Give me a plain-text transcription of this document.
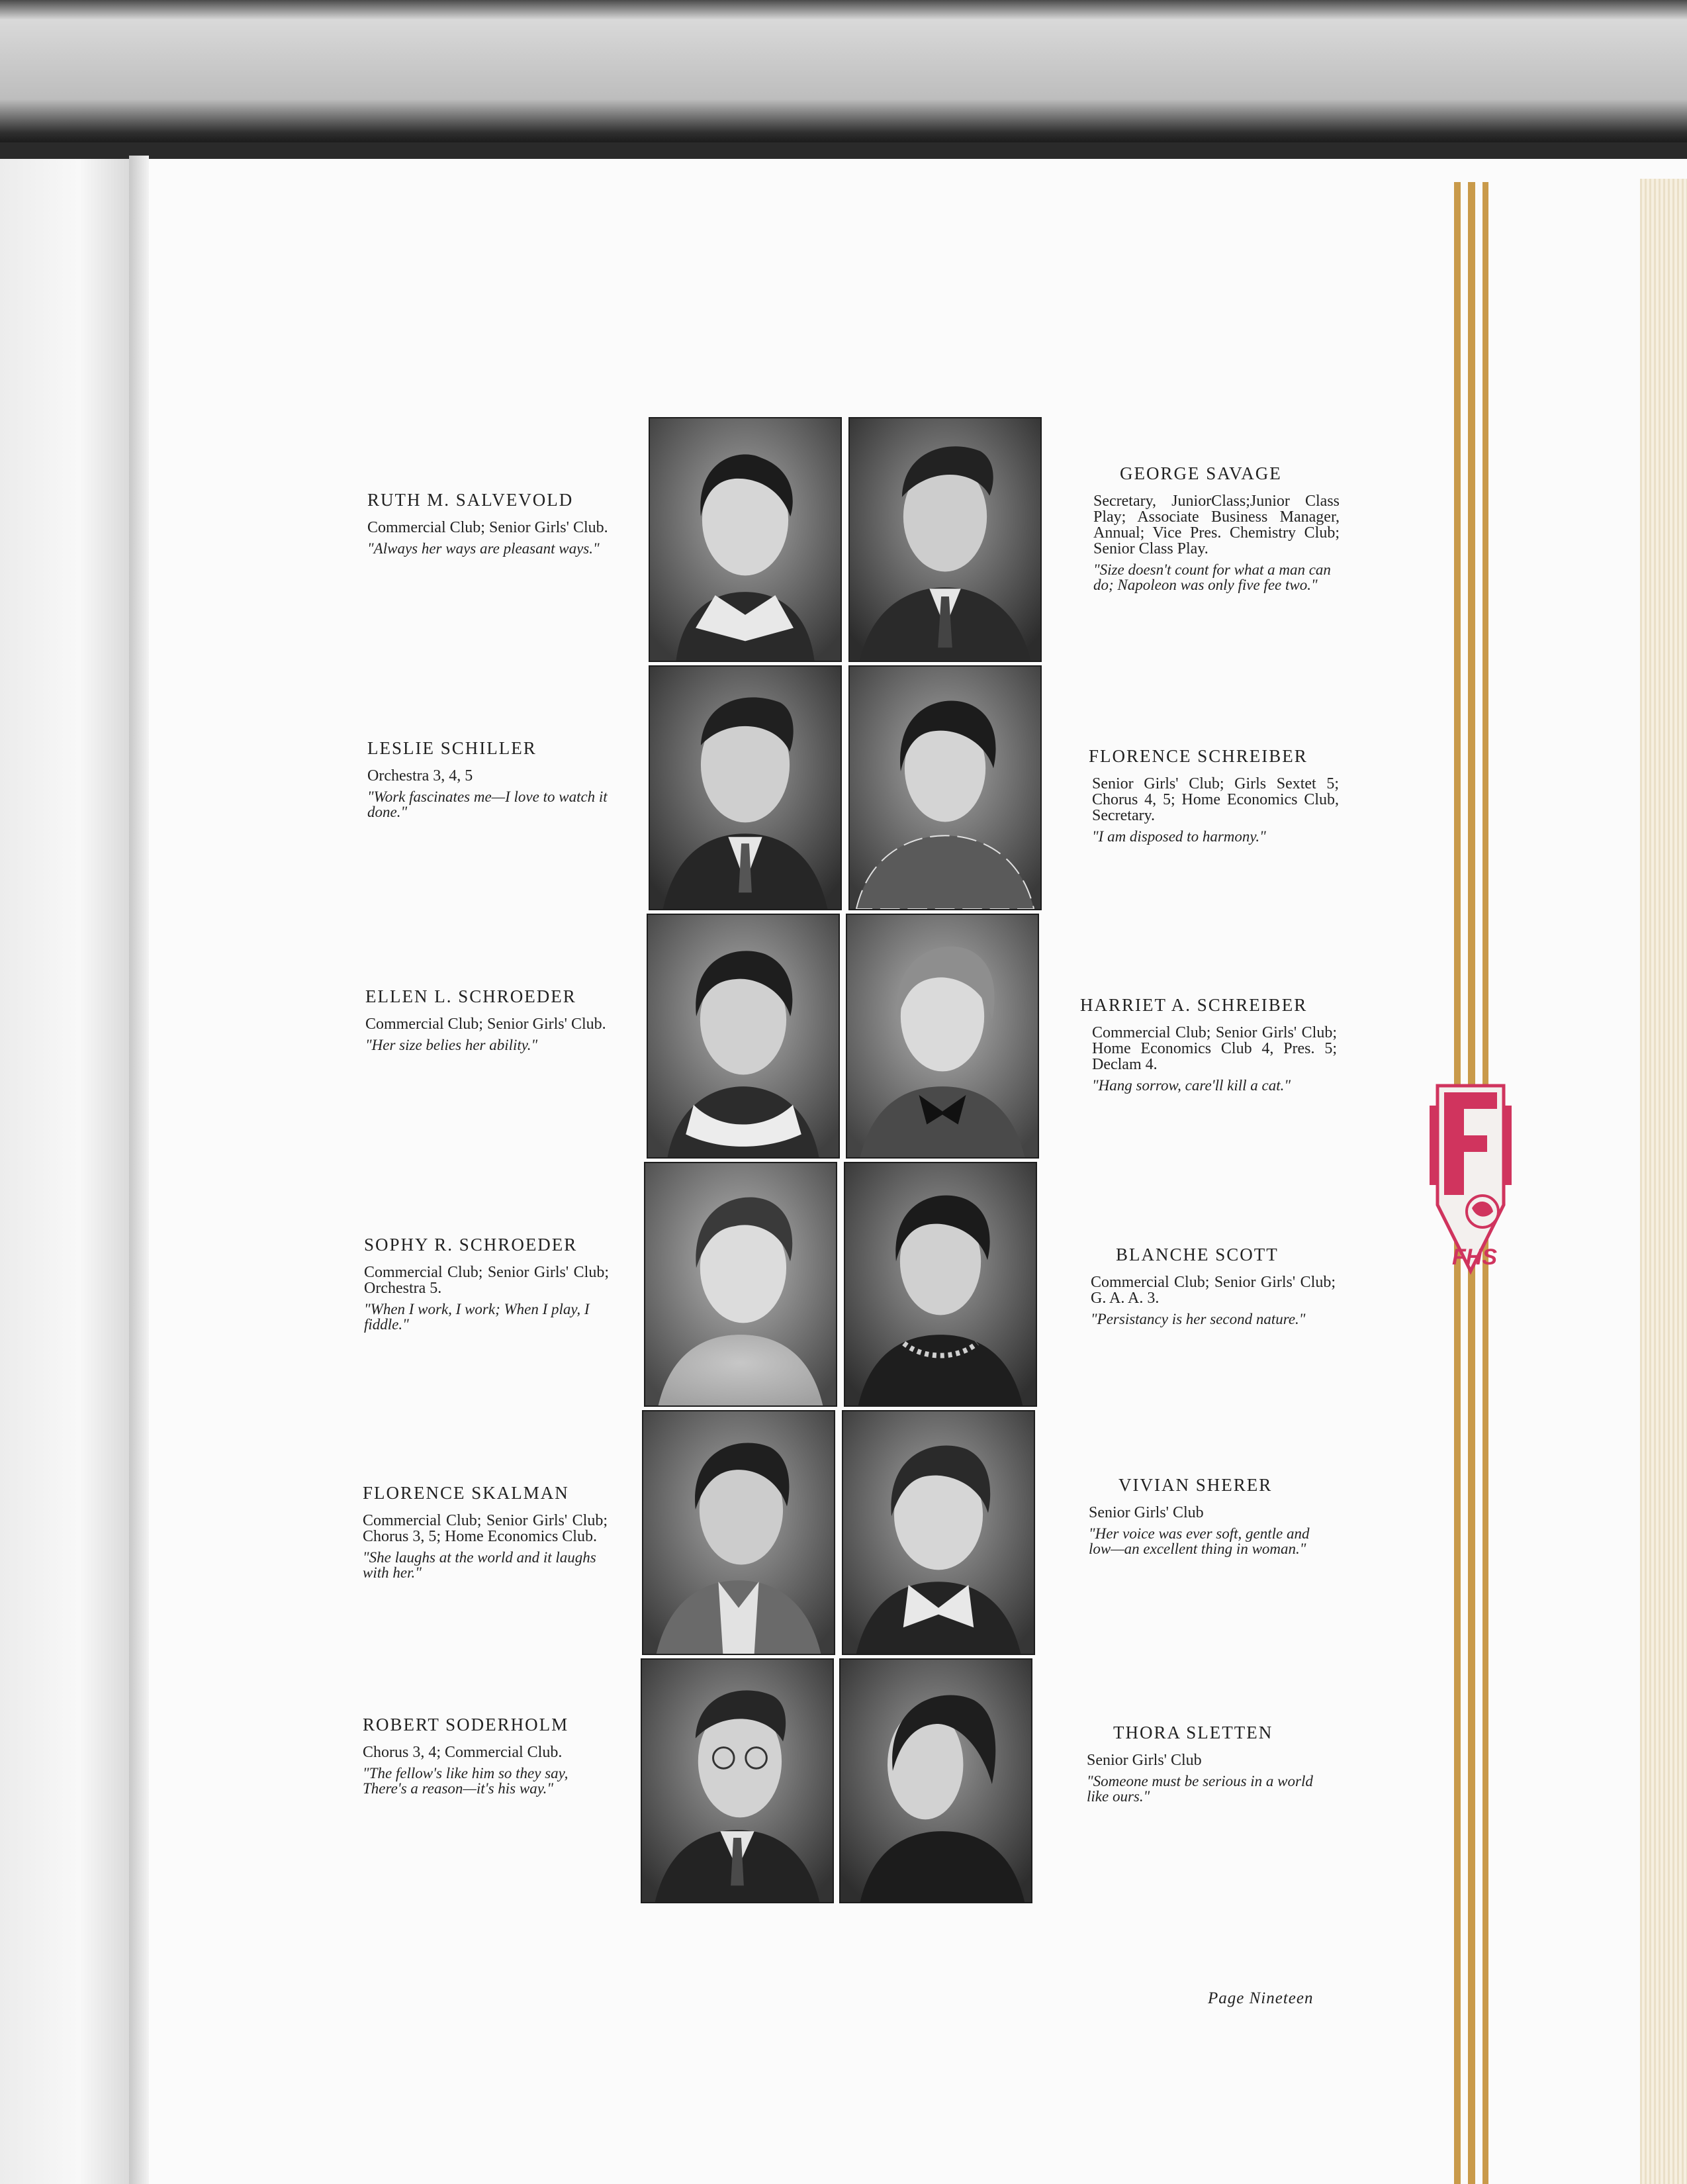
RUTH M. SALVEVOLD

Commercial Club; Senior Girls' Club.

"Always her ways are pleasant ways."

LESLIE SCHILLER

Orchestra 3, 4, 5

"Work fascinates me—I love to watch it done."

ELLEN L. SCHROEDER

Commercial Club; Senior Girls' Club.

"Her size belies her ability."

SOPHY R. SCHROEDER

Commercial Club; Senior Girls' Club; Orchestra 5.

"When I work, I work; When I play, I fiddle."

FLORENCE SKALMAN

Commercial Club; Senior Girls' Club; Chorus 3, 5; Home Economics Club.

"She laughs at the world and it laughs with her."

ROBERT SODERHOLM

Chorus 3, 4; Commercial Club.

"The fellow's like him so they say, There's a reason—it's his way."

GEORGE SAVAGE

Secretary, JuniorClass;Junior Class Play; Associate Business Manager, Annual; Vice Pres. Chemistry Club; Senior Class Play.

"Size doesn't count for what a man can do; Napoleon was only five fee two."

FLORENCE SCHREIBER

Senior Girls' Club; Girls Sextet 5; Chorus 4, 5; Home Economics Club, Secretary.

"I am disposed to harmony."

HARRIET A. SCHREIBER

Commercial Club; Senior Girls' Club; Home Economics Club 4, Pres. 5; Declam 4.

"Hang sorrow, care'll kill a cat."

BLANCHE SCOTT

Commercial Club; Senior Girls' Club; G. A. A. 3.

"Persistancy is her second nature."

VIVIAN SHERER

Senior Girls' Club

"Her voice was ever soft, gentle and low—an excellent thing in woman."

THORA SLETTEN

Senior Girls' Club

"Someone must be serious in a world like ours."

FHS
Page Nineteen
